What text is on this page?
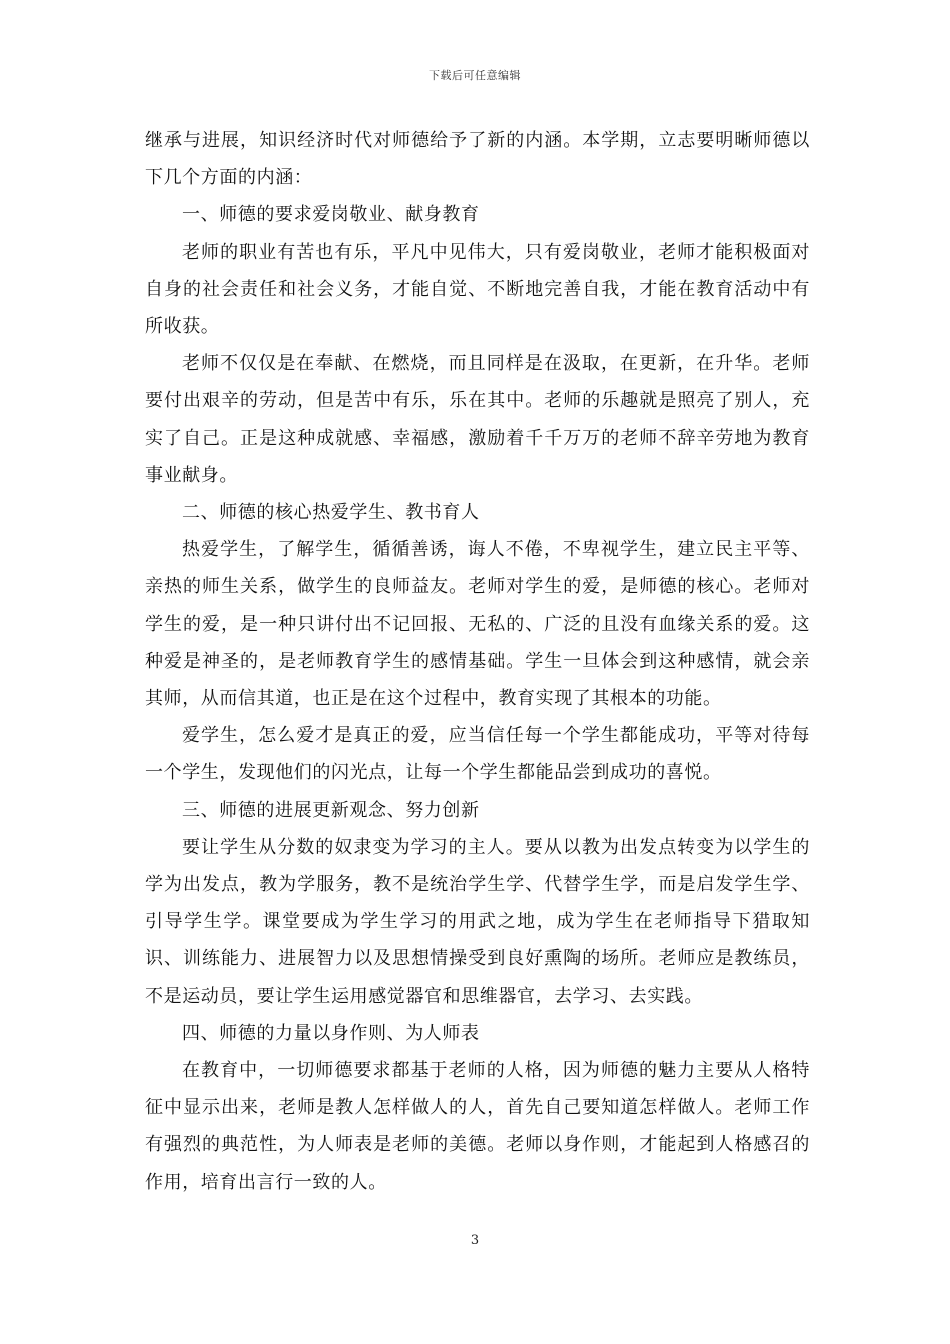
下载后可任意编辑

继承与进展，知识经济时代对师德给予了新的内涵。本学期，立志要明晰师德以下几个方面的内涵：

一、师德的要求爱岗敬业、献身教育

老师的职业有苦也有乐，平凡中见伟大，只有爱岗敬业，老师才能积极面对自身的社会责任和社会义务，才能自觉、不断地完善自我，才能在教育活动中有所收获。

老师不仅仅是在奉献、在燃烧，而且同样是在汲取，在更新，在升华。老师要付出艰辛的劳动，但是苦中有乐，乐在其中。老师的乐趣就是照亮了别人，充实了自己。正是这种成就感、幸福感，激励着千千万万的老师不辞辛劳地为教育事业献身。

二、师德的核心热爱学生、教书育人

热爱学生，了解学生，循循善诱，诲人不倦，不卑视学生，建立民主平等、亲热的师生关系，做学生的良师益友。老师对学生的爱，是师德的核心。老师对学生的爱，是一种只讲付出不记回报、无私的、广泛的且没有血缘关系的爱。这种爱是神圣的，是老师教育学生的感情基础。学生一旦体会到这种感情，就会亲其师，从而信其道，也正是在这个过程中，教育实现了其根本的功能。

爱学生，怎么爱才是真正的爱，应当信任每一个学生都能成功，平等对待每一个学生，发现他们的闪光点，让每一个学生都能品尝到成功的喜悦。

三、师德的进展更新观念、努力创新

要让学生从分数的奴隶变为学习的主人。要从以教为出发点转变为以学生的学为出发点，教为学服务，教不是统治学生学、代替学生学，而是启发学生学、引导学生学。课堂要成为学生学习的用武之地，成为学生在老师指导下猎取知识、训练能力、进展智力以及思想情操受到良好熏陶的场所。老师应是教练员，不是运动员，要让学生运用感觉器官和思维器官，去学习、去实践。

四、师德的力量以身作则、为人师表

在教育中，一切师德要求都基于老师的人格，因为师德的魅力主要从人格特征中显示出来，老师是教人怎样做人的人，首先自己要知道怎样做人。老师工作有强烈的典范性，为人师表是老师的美德。老师以身作则，才能起到人格感召的作用，培育出言行一致的人。

3
